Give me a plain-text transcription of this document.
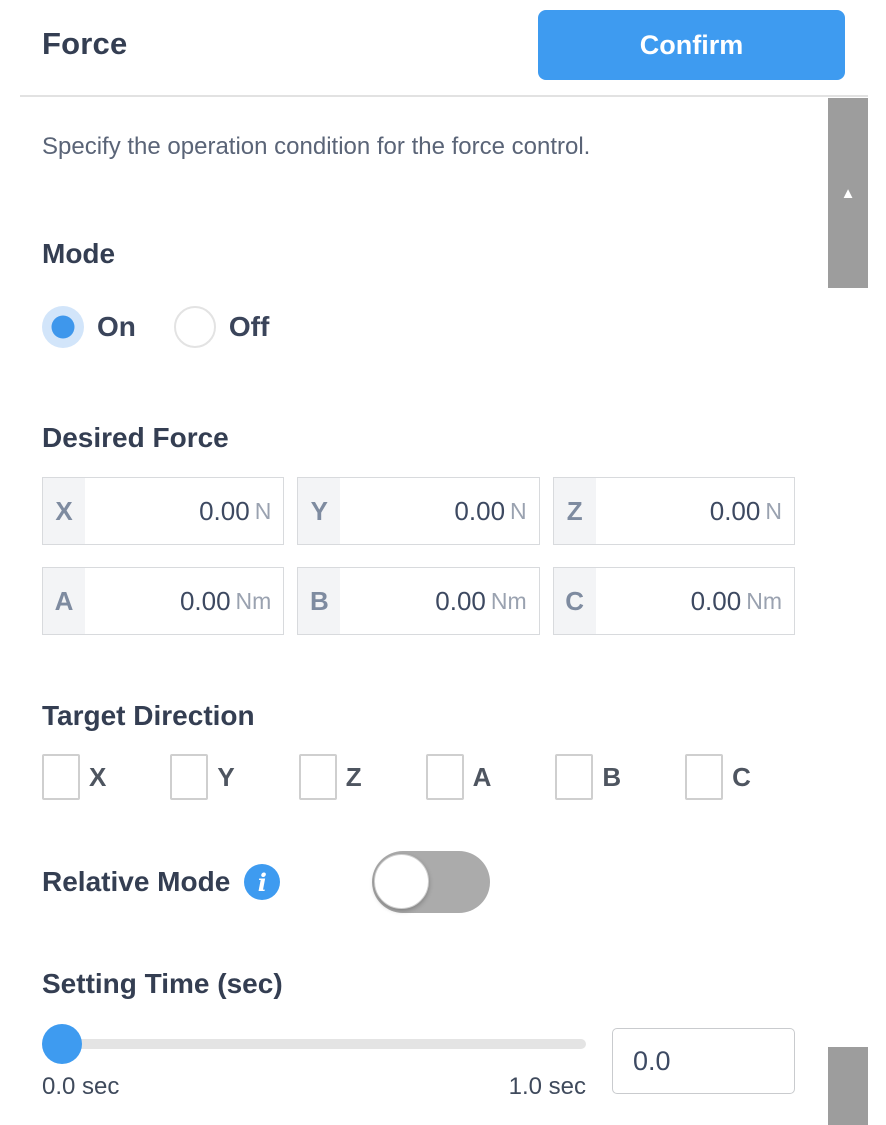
Force	Confirm
▲
Specify the operation condition for the force control.
Mode
On	Off
Desired Force
X	0.00 N	Y	0.00 N	Z	0.00 N
A	0.00 Nm	B	0.00 Nm	C	0.00 Nm
Target Direction
X	Y	Z	A	B	C
Relative Mode	i
Setting Time (sec)
0.0 sec	1.0 sec
0.0
